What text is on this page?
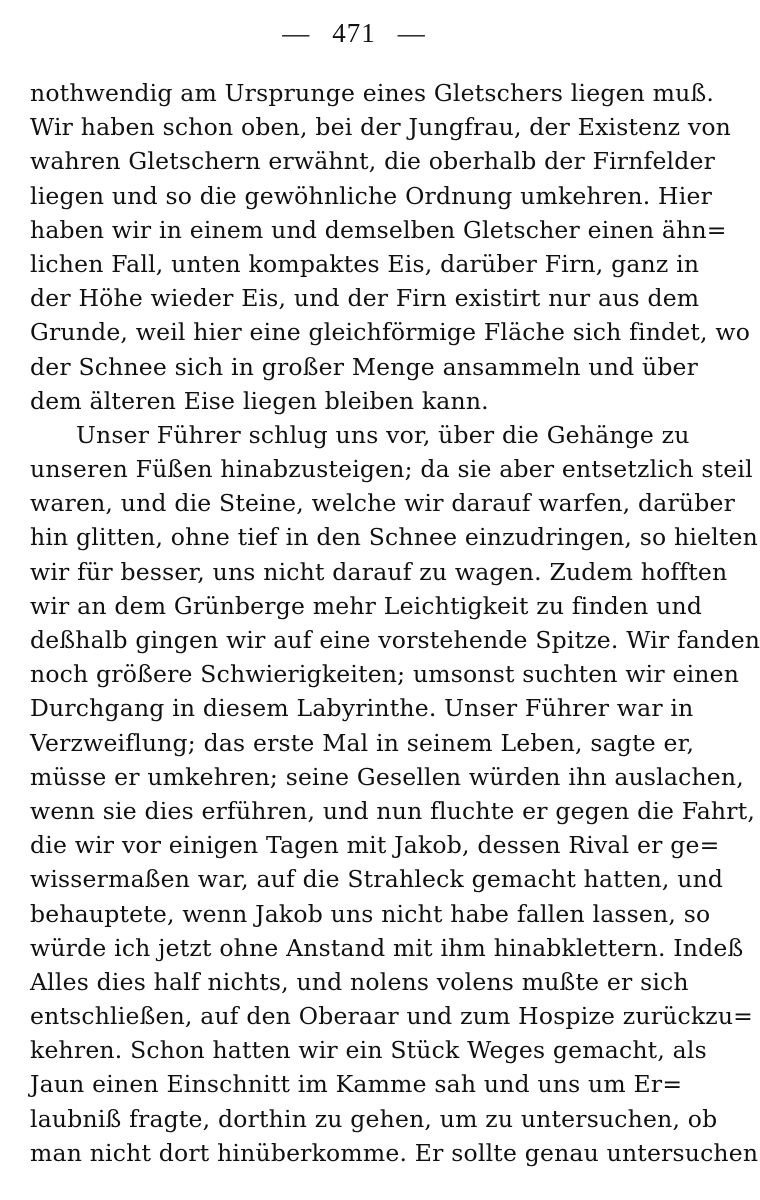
— 471 —
nothwendig am Ursprunge eines Gletschers liegen muß.
Wir haben schon oben, bei der Jungfrau, der Existenz von
wahren Gletschern erwähnt, die oberhalb der Firnfelder
liegen und so die gewöhnliche Ordnung umkehren. Hier
haben wir in einem und demselben Gletscher einen ähn=
lichen Fall, unten kompaktes Eis, darüber Firn, ganz in
der Höhe wieder Eis, und der Firn existirt nur aus dem
Grunde, weil hier eine gleichförmige Fläche sich findet, wo
der Schnee sich in großer Menge ansammeln und über
dem älteren Eise liegen bleiben kann.
Unser Führer schlug uns vor, über die Gehänge zu
unseren Füßen hinabzusteigen; da sie aber entsetzlich steil
waren, und die Steine, welche wir darauf warfen, darüber
hin glitten, ohne tief in den Schnee einzudringen, so hielten
wir für besser, uns nicht darauf zu wagen. Zudem hofften
wir an dem Grünberge mehr Leichtigkeit zu finden und
deßhalb gingen wir auf eine vorstehende Spitze. Wir fanden
noch größere Schwierigkeiten; umsonst suchten wir einen
Durchgang in diesem Labyrinthe. Unser Führer war in
Verzweiflung; das erste Mal in seinem Leben, sagte er,
müsse er umkehren; seine Gesellen würden ihn auslachen,
wenn sie dies erführen, und nun fluchte er gegen die Fahrt,
die wir vor einigen Tagen mit Jakob, dessen Rival er ge=
wissermaßen war, auf die Strahleck gemacht hatten, und
behauptete, wenn Jakob uns nicht habe fallen lassen, so
würde ich jetzt ohne Anstand mit ihm hinabklettern. Indeß
Alles dies half nichts, und nolens volens mußte er sich
entschließen, auf den Oberaar und zum Hospize zurückzu=
kehren. Schon hatten wir ein Stück Weges gemacht, als
Jaun einen Einschnitt im Kamme sah und uns um Er=
laubniß fragte, dorthin zu gehen, um zu untersuchen, ob
man nicht dort hinüberkomme. Er sollte genau untersuchen
